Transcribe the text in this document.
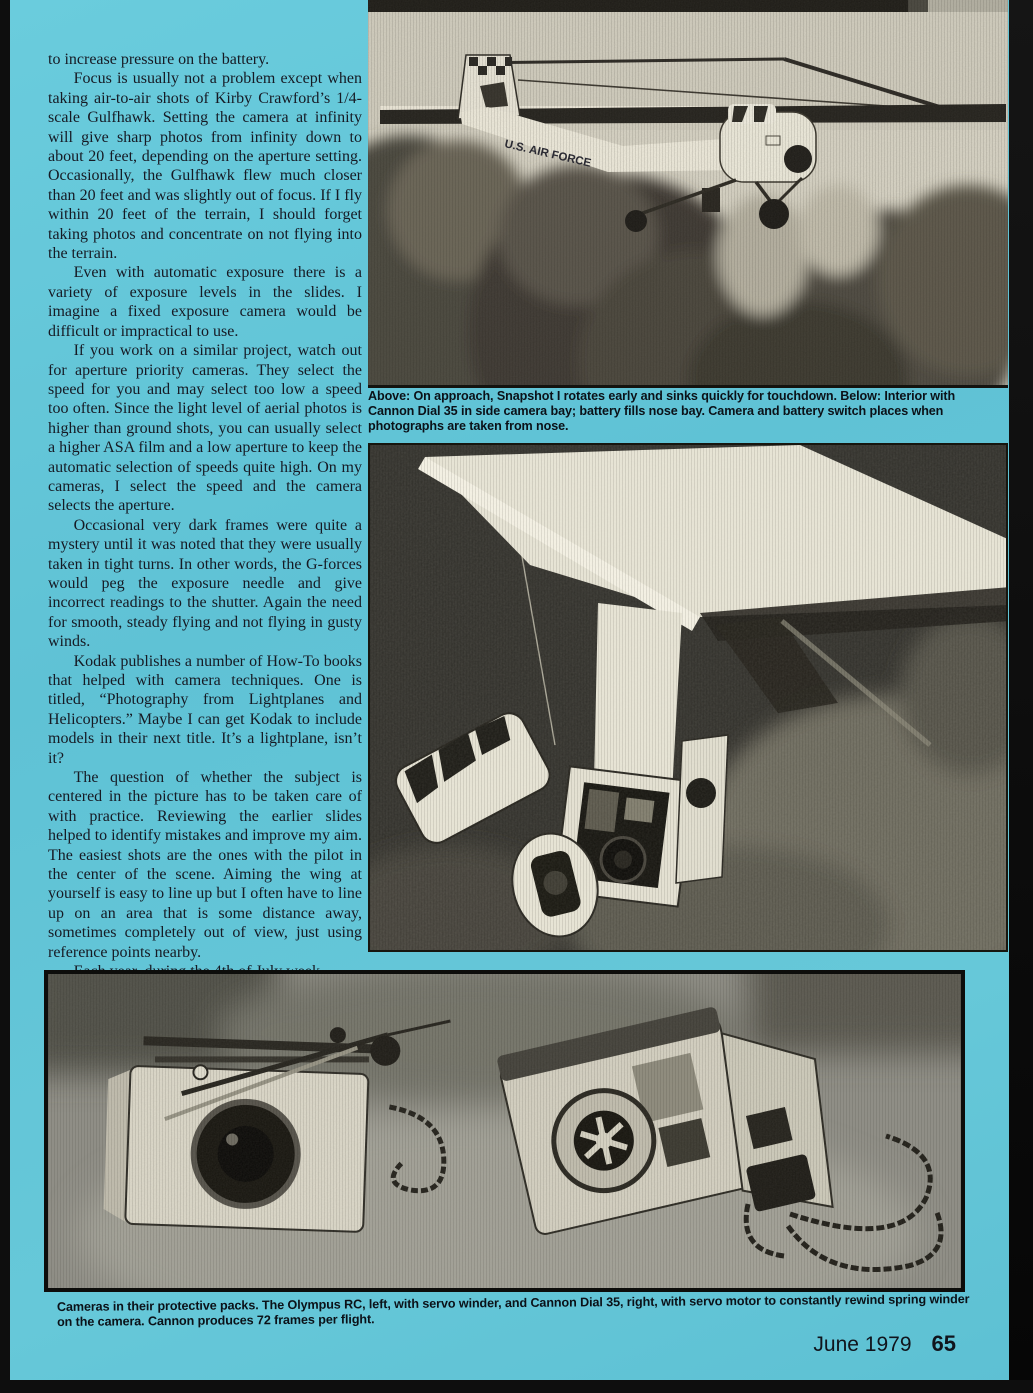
to increase pressure on the battery.

Focus is usually not a problem except when taking air-to-air shots of Kirby Crawford’s 1/4-scale Gulfhawk. Setting the camera at infinity will give sharp photos from infinity down to about 20 feet, depending on the aperture setting. Occasionally, the Gulfhawk flew much closer than 20 feet and was slightly out of focus. If I fly within 20 feet of the terrain, I should forget taking photos and concentrate on not flying into the terrain.

Even with automatic exposure there is a variety of exposure levels in the slides. I imagine a fixed exposure camera would be difficult or impractical to use.

If you work on a similar project, watch out for aperture priority cameras. They select the speed for you and may select too low a speed too often. Since the light level of aerial photos is higher than ground shots, you can usually select a higher ASA film and a low aperture to keep the automatic selection of speeds quite high. On my cameras, I select the speed and the camera selects the aperture.

Occasional very dark frames were quite a mystery until it was noted that they were usually taken in tight turns. In other words, the G-forces would peg the exposure needle and give incorrect readings to the shutter. Again the need for smooth, steady flying and not flying in gusty winds.

Kodak publishes a number of How-To books that helped with camera techniques. One is titled, “Photography from Lightplanes and Helicopters.” Maybe I can get Kodak to include models in their next title. It’s a lightplane, isn’t it?

The question of whether the subject is centered in the picture has to be taken care of with practice. Reviewing the earlier slides helped to identify mistakes and improve my aim. The easiest shots are the ones with the pilot in the center of the scene. Aiming the wing at yourself is easy to line up but I often have to line up on an area that is some distance away, sometimes completely out of view, just using reference points nearby.

Above: On approach, Snapshot I rotates early and sinks quickly for touchdown. Below: Interior with Cannon Dial 35 in side camera bay; battery fills nose bay. Camera and battery switch places when photographs are taken from nose.
Cameras in their protective packs. The Olympus RC, left, with servo winder, and Cannon Dial 35, right, with servo motor to constantly rewind spring winder on the camera. Cannon produces 72 frames per flight.
June 1979 65
